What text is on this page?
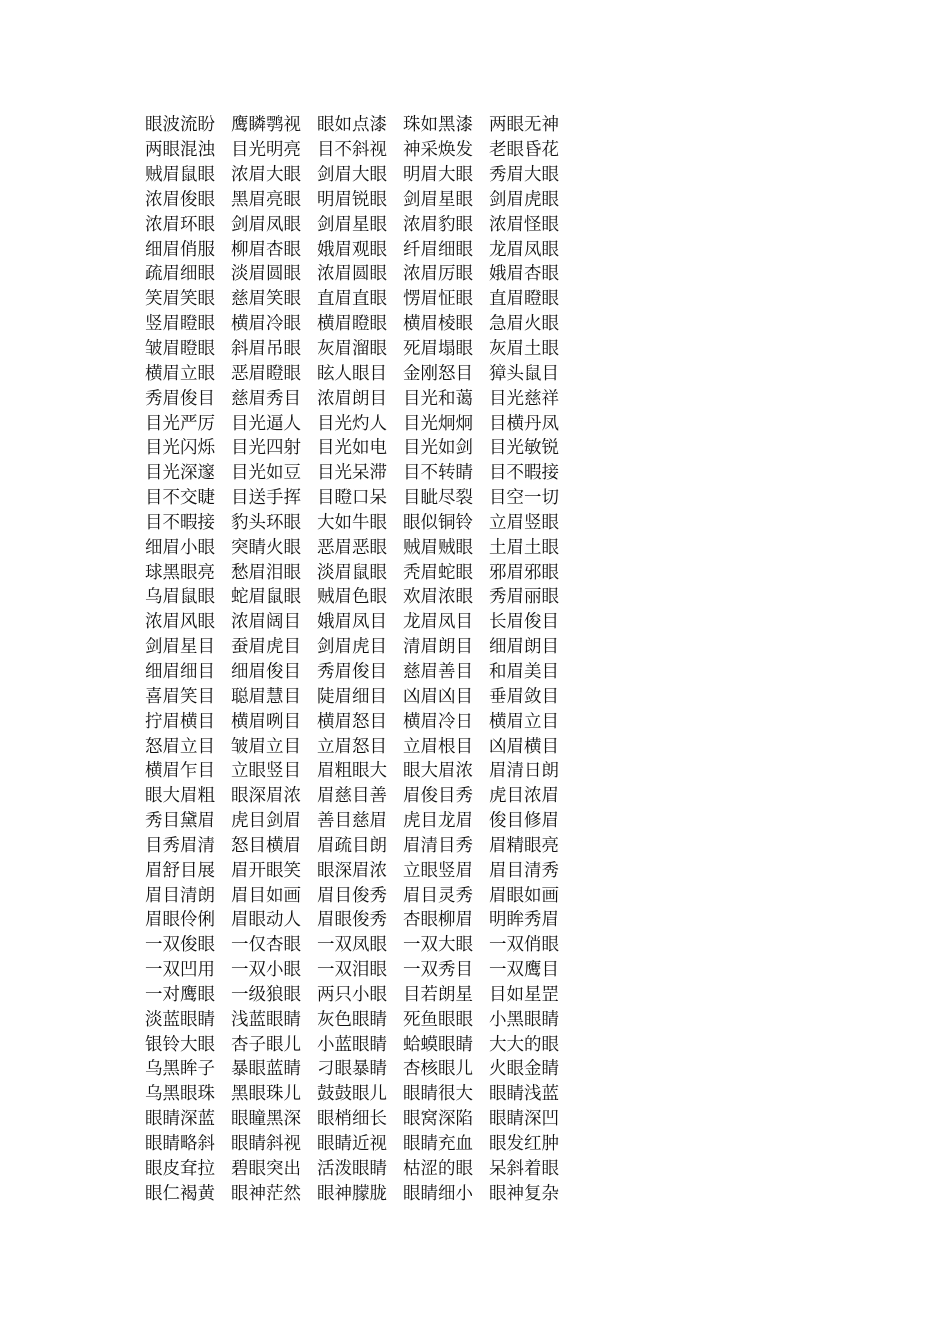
眼波流盼 鹰瞵鹗视 眼如点漆 珠如黑漆 两眼无神
两眼混浊 目光明亮 目不斜视 神采焕发 老眼昏花
贼眉鼠眼 浓眉大眼 剑眉大眼 明眉大眼 秀眉大眼
浓眉俊眼 黑眉亮眼 明眉锐眼 剑眉星眼 剑眉虎眼
浓眉环眼 剑眉凤眼 剑眉星眼 浓眉豹眼 浓眉怪眼
细眉俏服 柳眉杏眼 娥眉观眼 纤眉细眼 龙眉凤眼
疏眉细眼 淡眉圆眼 浓眉圆眼 浓眉厉眼 娥眉杏眼
笑眉笑眼 慈眉笑眼 直眉直眼 愣眉怔眼 直眉瞪眼
竖眉瞪眼 横眉冷眼 横眉瞪眼 横眉棱眼 急眉火眼
皱眉瞪眼 斜眉吊眼 灰眉溜眼 死眉塌眼 灰眉土眼
横眉立眼 恶眉瞪眼 眩人眼目 金刚怒目 獐头鼠目
秀眉俊目 慈眉秀目 浓眉朗目 目光和蔼 目光慈祥
目光严厉 目光逼人 目光灼人 目光炯炯 目横丹凤
目光闪烁 目光四射 目光如电 目光如剑 目光敏锐
目光深邃 目光如豆 目光呆滞 目不转睛 目不暇接
目不交睫 目送手挥 目瞪口呆 目眦尽裂 目空一切
目不暇接 豹头环眼 大如牛眼 眼似铜铃 立眉竖眼
细眉小眼 突睛火眼 恶眉恶眼 贼眉贼眼 土眉土眼
球黑眼亮 愁眉泪眼 淡眉鼠眼 秃眉蛇眼 邪眉邪眼
乌眉鼠眼 蛇眉鼠眼 贼眉色眼 欢眉浓眼 秀眉丽眼
浓眉风眼 浓眉阔目 娥眉凤目 龙眉凤目 长眉俊目
剑眉星目 蚕眉虎目 剑眉虎目 清眉朗目 细眉朗目
细眉细目 细眉俊目 秀眉俊目 慈眉善目 和眉美目
喜眉笑目 聪眉慧目 陡眉细目 凶眉凶目 垂眉敛目
拧眉横目 横眉咧目 横眉怒目 横眉冷日 横眉立目
怒眉立目 皱眉立目 立眉怒目 立眉根目 凶眉横目
横眉乍目 立眼竖目 眉粗眼大 眼大眉浓 眉清日朗
眼大眉粗 眼深眉浓 眉慈目善 眉俊目秀 虎目浓眉
秀目黛眉 虎目剑眉 善目慈眉 虎目龙眉 俊目修眉
目秀眉清 怒目横眉 眉疏目朗 眉清目秀 眉精眼亮
眉舒目展 眉开眼笑 眼深眉浓 立眼竖眉 眉目清秀
眉目清朗 眉目如画 眉目俊秀 眉目灵秀 眉眼如画
眉眼伶俐 眉眼动人 眉眼俊秀 杏眼柳眉 明眸秀眉
一双俊眼 一仅杏眼 一双凤眼 一双大眼 一双俏眼
一双凹用 一双小眼 一双泪眼 一双秀目 一双鹰目
一对鹰眼 一级狼眼 两只小眼 目若朗星 目如星罡
淡蓝眼睛 浅蓝眼睛 灰色眼睛 死鱼眼眼 小黑眼睛
银铃大眼 杏子眼儿 小蓝眼睛 蛤蟆眼睛 大大的眼
乌黑眸子 暴眼蓝睛 刁眼暴睛 杏核眼儿 火眼金睛
乌黑眼珠 黑眼珠儿 鼓鼓眼儿 眼睛很大 眼睛浅蓝
眼睛深蓝 眼瞳黑深 眼梢细长 眼窝深陷 眼睛深凹
眼睛略斜 眼睛斜视 眼睛近视 眼睛充血 眼发红肿
眼皮耷拉 碧眼突出 活泼眼睛 枯涩的眼 呆斜着眼
眼仁褐黄 眼神茫然 眼神朦胧 眼睛细小 眼神复杂
